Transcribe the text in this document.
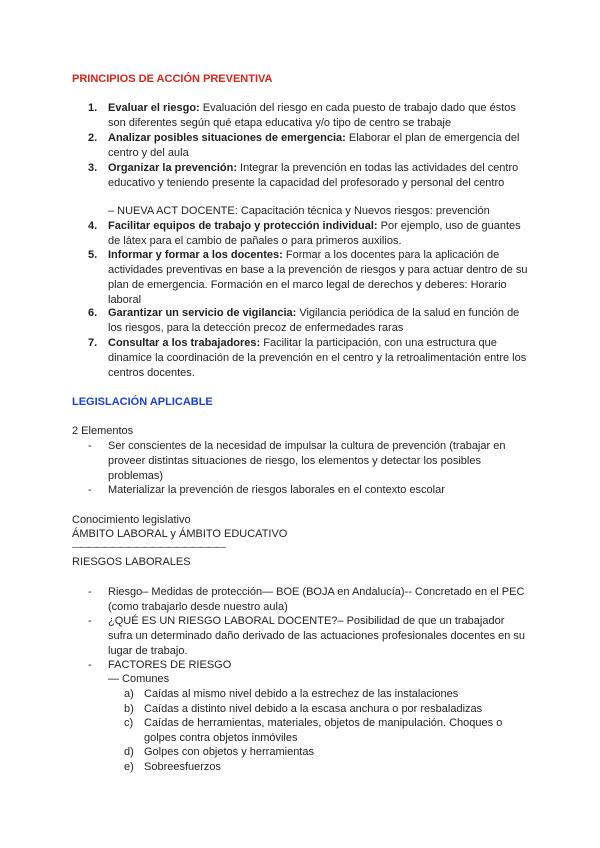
PRINCIPIOS DE ACCIÓN PREVENTIVA
1. Evaluar el riesgo: Evaluación del riesgo en cada puesto de trabajo dado que éstos son diferentes según qué etapa educativa y/o tipo de centro se trabaje
2. Analizar posibles situaciones de emergencia: Elaborar el plan de emergencia del centro y del aula
3. Organizar la prevención: Integrar la prevención en todas las actividades del centro educativo y teniendo presente la capacidad del profesorado y personal del centro
– NUEVA ACT DOCENTE: Capacitación técnica y Nuevos riesgos: prevención
4. Facilitar equipos de trabajo y protección individual: Por ejemplo, uso de guantes de látex para el cambio de pañales o para primeros auxilios.
5. Informar y formar a los docentes: Formar a los docentes para la aplicación de actividades preventivas en base a la prevención de riesgos y para actuar dentro de su plan de emergencia. Formación en el marco legal de derechos y deberes: Horario laboral
6. Garantizar un servicio de vigilancia: Vigilancia periódica de la salud en función de los riesgos, para la detección precoz de enfermedades raras
7. Consultar a los trabajadores: Facilitar la participación, con una estructura que dinamice la coordinación de la prevención en el centro y la retroalimentación entre los centros docentes.
LEGISLACIÓN APLICABLE
2 Elementos
-	Ser conscientes de la necesidad de impulsar la cultura de prevención (trabajar en proveer distintas situaciones de riesgo, los elementos y detectar los posibles problemas)
-	Materializar la prevención de riesgos laborales en el contexto escolar
Conocimiento legislativo
ÁMBITO LABORAL y ÁMBITO EDUCATIVO
———————————————————
RIESGOS LABORALES
-	Riesgo– Medidas de protección— BOE (BOJA en Andalucía)-- Concretado en el PEC (como trabajarlo desde nuestro aula)
-	¿QUÉ ES UN RIESGO LABORAL DOCENTE?– Posibilidad de que un trabajador sufra un determinado daño derivado de las actuaciones profesionales docentes en su lugar de trabajo.
-	FACTORES DE RIESGO
— Comunes
a) Caídas al mismo nivel debido a la estrechez de las instalaciones
b) Caídas a distinto nivel debido a la escasa anchura o por resbaladizas
c) Caídas de herramientas, materiales, objetos de manipulación. Choques o golpes contra objetos inmóviles
d) Golpes con objetos y herramientas
e) Sobreesfuerzos
